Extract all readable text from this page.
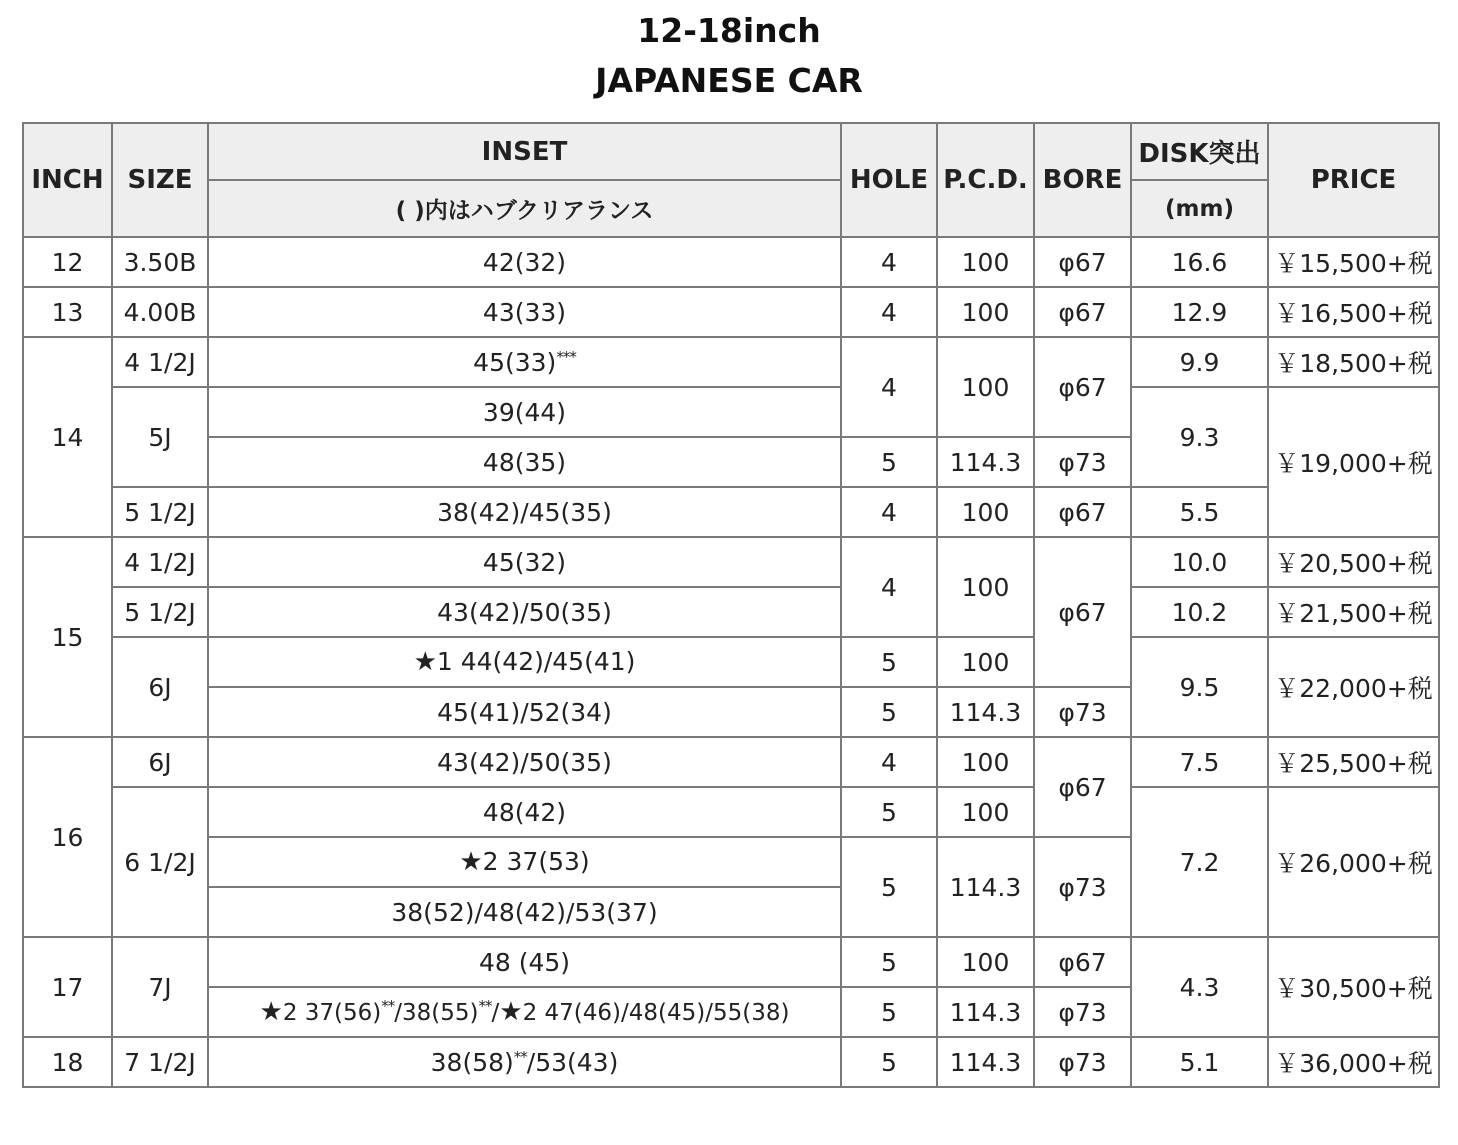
12-18inch
JAPANESE CAR
INCH	SIZE	INSET	HOLE	P.C.D.	BORE	DISK突出	PRICE
		( )内はハブクリアランス				(mm)	
12	3.50B	42(32)	4	100	φ67	16.6	￥15,500+税
13	4.00B	43(33)	4	100	φ67	12.9	￥16,500+税
14	4 1/2J	45(33)***	4	100	φ67	9.9	￥18,500+税
	5J	39(44)				9.3	￥19,000+税
		48(35)	5	114.3	φ73		
	5 1/2J	38(42)/45(35)	4	100	φ67	5.5	
15	4 1/2J	45(32)	4	100	φ67	10.0	￥20,500+税
	5 1/2J	43(42)/50(35)				10.2	￥21,500+税
	6J	★1 44(42)/45(41)	5	100		9.5	￥22,000+税
		45(41)/52(34)	5	114.3	φ73		
16	6J	43(42)/50(35)	4	100	φ67	7.5	￥25,500+税
	6 1/2J	48(42)	5	100		7.2	￥26,000+税
		★2 37(53)	5	114.3	φ73		
		38(52)/48(42)/53(37)					
17	7J	48 (45)	5	100	φ67	4.3	￥30,500+税
		★2 37(56)**/38(55)**/★2 47(46)/48(45)/55(38)	5	114.3	φ73		
18	7 1/2J	38(58)**/53(43)	5	114.3	φ73	5.1	￥36,000+税
